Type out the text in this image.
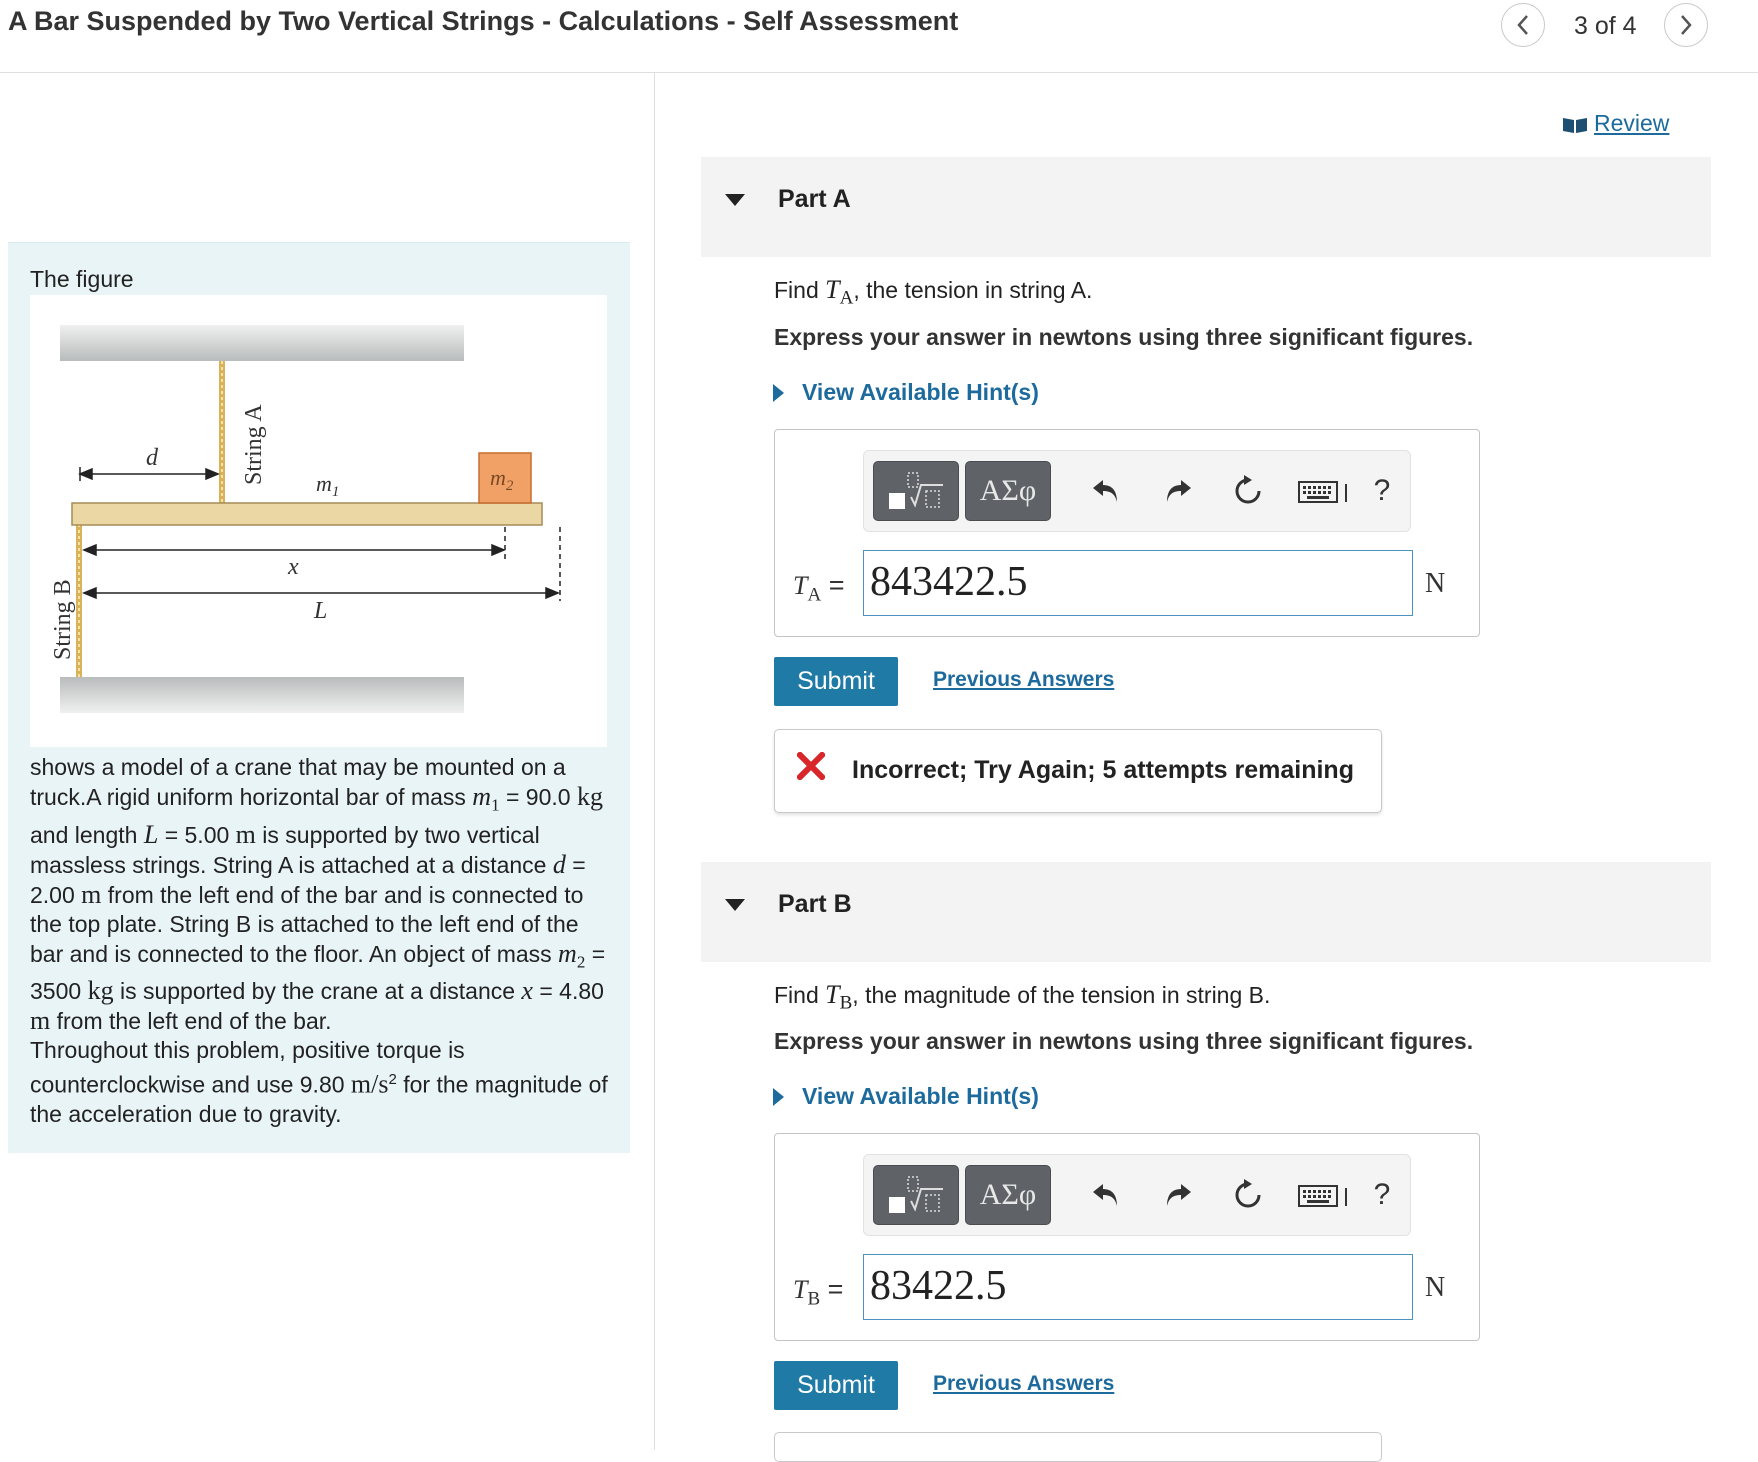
A Bar Suspended by Two Vertical Strings - Calculations - Self Assessment	3 of 4
The figure
String A
String B
$m_2$
$m_1$
d
x
L
shows a model of a crane that may be mounted on a truck.A rigid uniform horizontal bar of mass $m_1 = 90.0$ kg and length L = 5.00 m is supported by two vertical massless strings. String A is attached at a distance d = 2.00 m from the left end of the bar and is connected to the top plate. String B is attached to the left end of the bar and is connected to the floor. An object of mass $m_2 = 3500$ kg is supported by the crane at a distance x = 4.80 m from the left end of the bar.
Throughout this problem, positive torque is counterclockwise and use 9.80 $m/s^2$ for the magnitude of the acceleration due to gravity.
Review
Part A
Find $T_A$, the tension in string A.
Express your answer in newtons using three significant figures.
View Available Hint(s)
ΑΣφ	?
$T_A = 843422.5$	N
Submit	Previous Answers
Incorrect; Try Again; 5 attempts remaining
Part B
Find $T_B$, the magnitude of the tension in string B.
Express your answer in newtons using three significant figures.
View Available Hint(s)
ΑΣφ	?
$T_B = 83422.5$	N
Submit	Previous Answers
